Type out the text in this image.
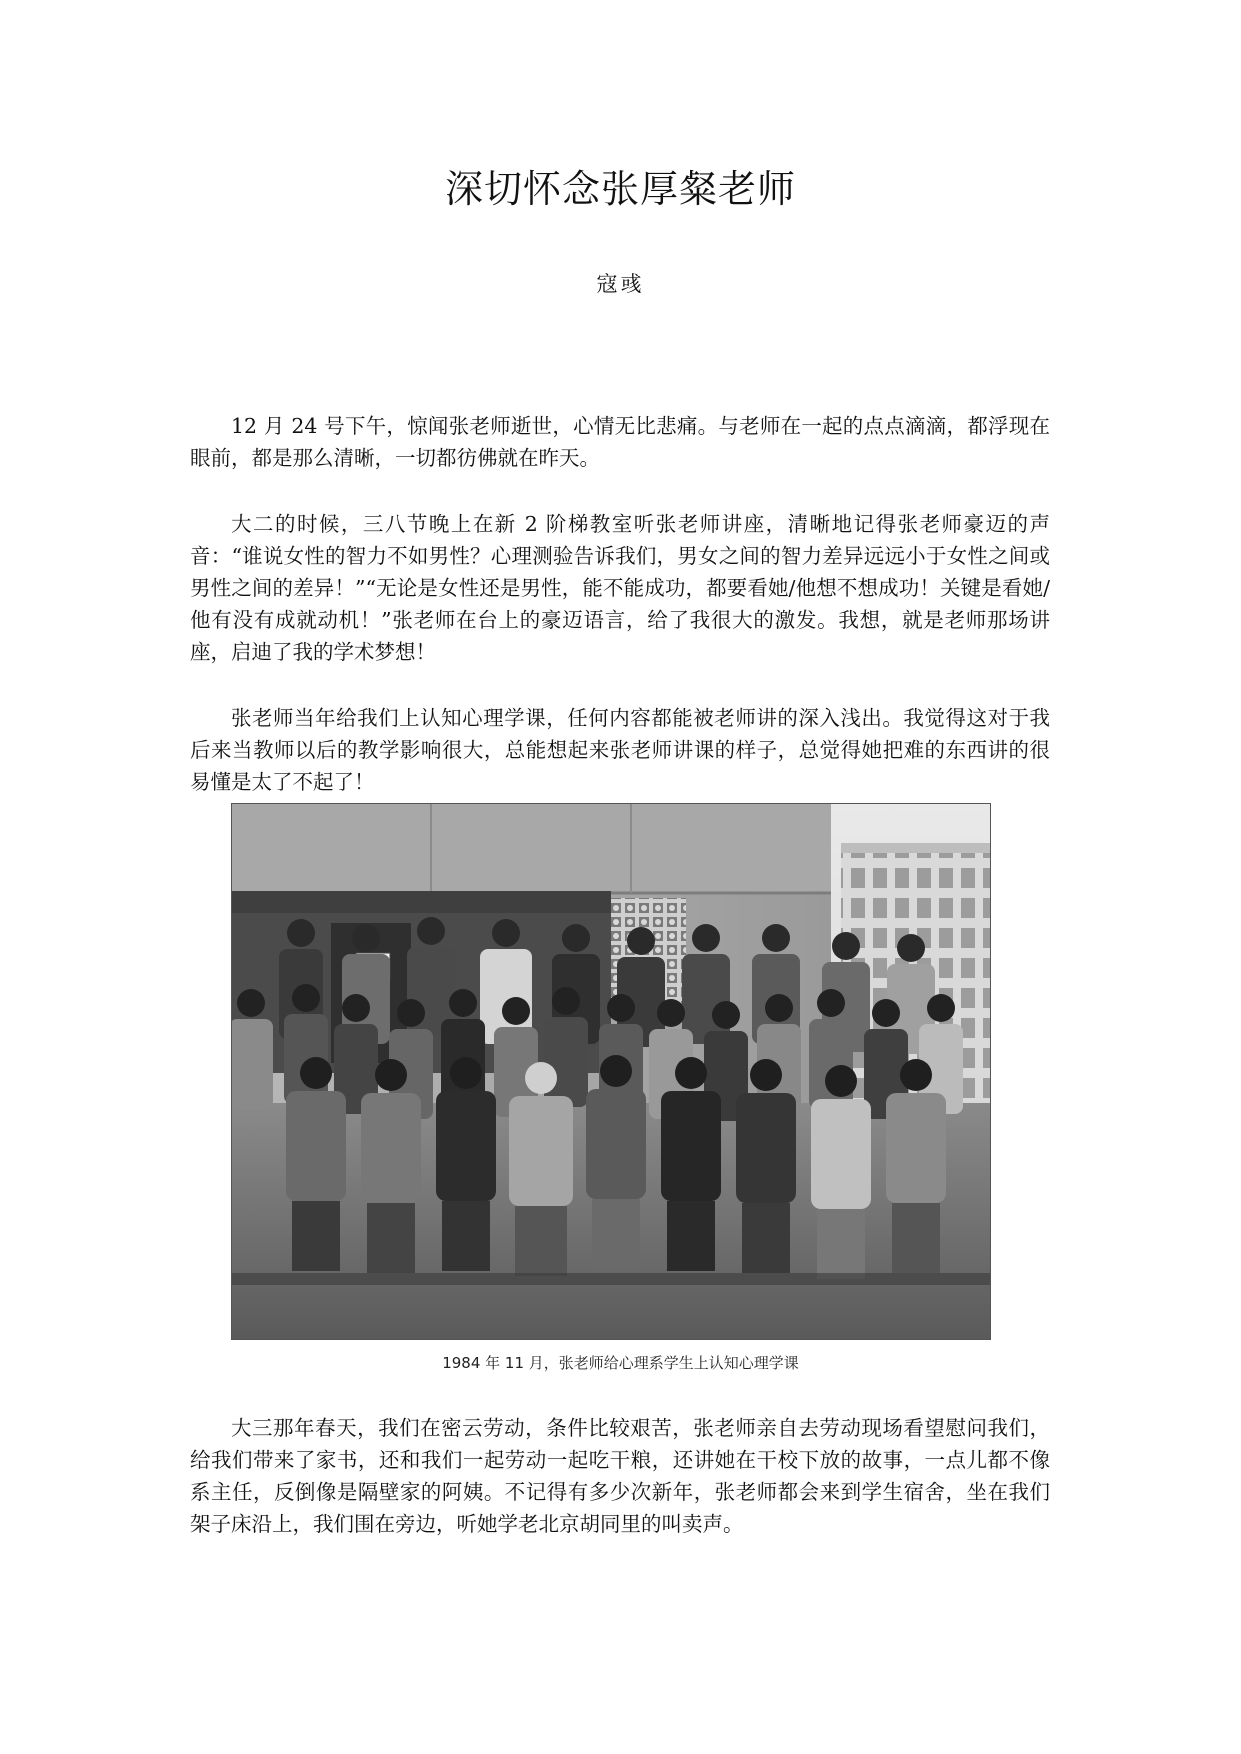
深切怀念张厚粲老师
寇彧

12 月 24 号下午，惊闻张老师逝世，心情无比悲痛。与老师在一起的点点滴滴，都浮现在眼前，都是那么清晰，一切都彷佛就在昨天。

大二的时候，三八节晚上在新 2 阶梯教室听张老师讲座，清晰地记得张老师豪迈的声音：“谁说女性的智力不如男性？心理测验告诉我们，男女之间的智力差异远远小于女性之间或男性之间的差异！”“无论是女性还是男性，能不能成功，都要看她/他想不想成功！关键是看她/他有没有成就动机！”张老师在台上的豪迈语言，给了我很大的激发。我想，就是老师那场讲座，启迪了我的学术梦想！

张老师当年给我们上认知心理学课，任何内容都能被老师讲的深入浅出。我觉得这对于我后来当教师以后的教学影响很大，总能想起来张老师讲课的样子，总觉得她把难的东西讲的很易懂是太了不起了！

1984 年 11 月，张老师给心理系学生上认知心理学课

大三那年春天，我们在密云劳动，条件比较艰苦，张老师亲自去劳动现场看望慰问我们，给我们带来了家书，还和我们一起劳动一起吃干粮，还讲她在干校下放的故事，一点儿都不像系主任，反倒像是隔壁家的阿姨。不记得有多少次新年，张老师都会来到学生宿舍，坐在我们架子床沿上，我们围在旁边，听她学老北京胡同里的叫卖声。
